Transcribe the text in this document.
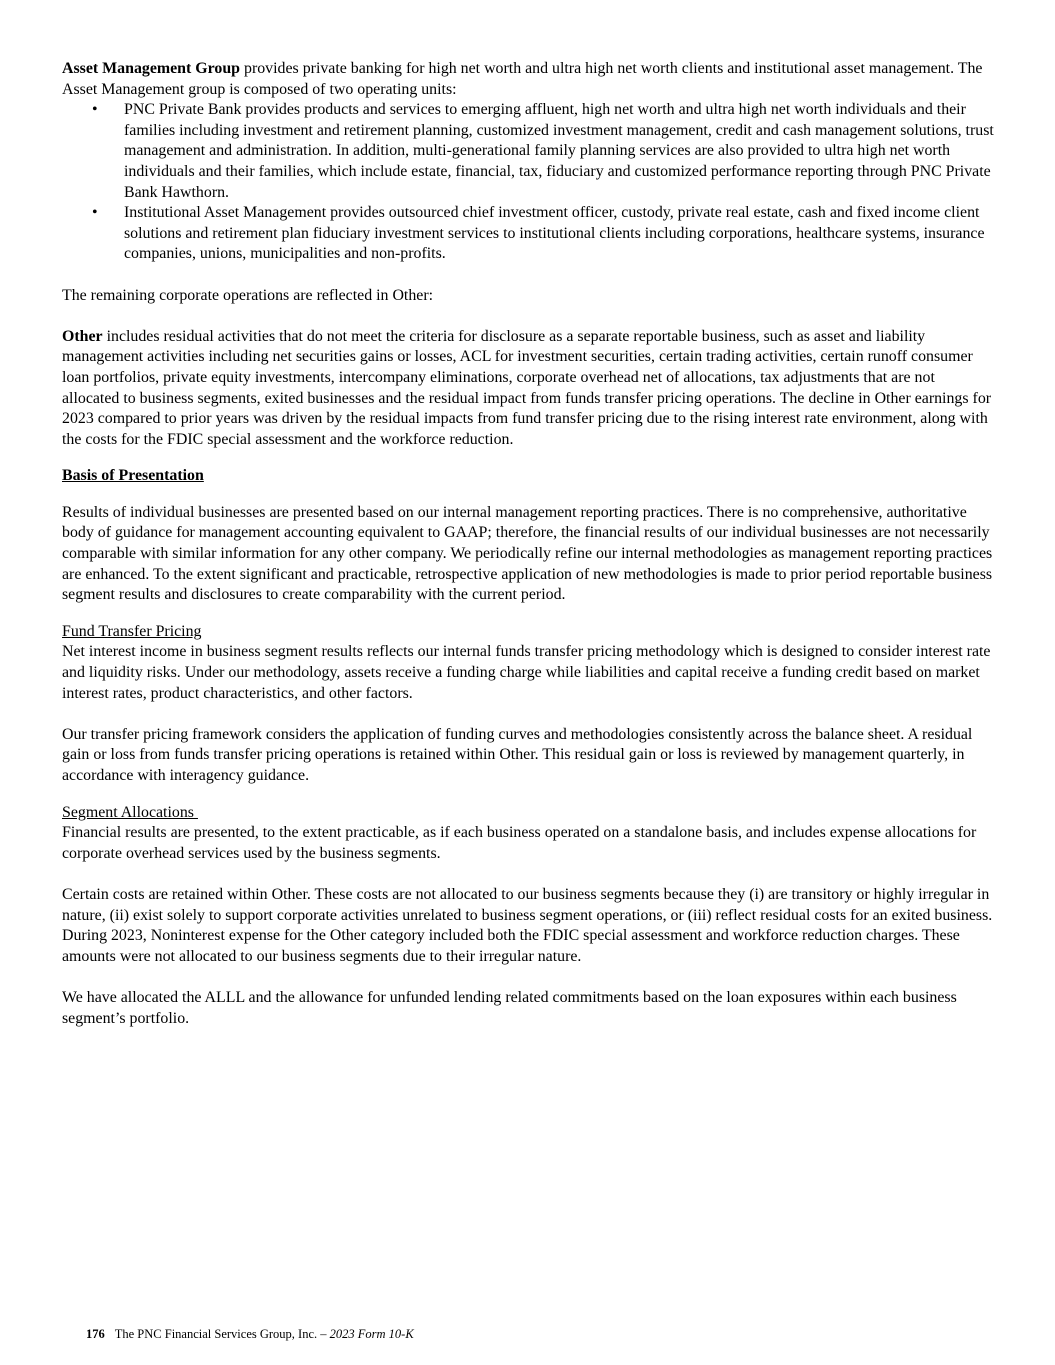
Asset Management Group provides private banking for high net worth and ultra high net worth clients and institutional asset management. The Asset Management group is composed of two operating units:

• PNC Private Bank provides products and services to emerging affluent, high net worth and ultra high net worth individuals and their families including investment and retirement planning, customized investment management, credit and cash management solutions, trust management and administration. In addition, multi-generational family planning services are also provided to ultra high net worth individuals and their families, which include estate, financial, tax, fiduciary and customized performance reporting through PNC Private Bank Hawthorn.
• Institutional Asset Management provides outsourced chief investment officer, custody, private real estate, cash and fixed income client solutions and retirement plan fiduciary investment services to institutional clients including corporations, healthcare systems, insurance companies, unions, municipalities and non-profits.

The remaining corporate operations are reflected in Other:

Other includes residual activities that do not meet the criteria for disclosure as a separate reportable business, such as asset and liability management activities including net securities gains or losses, ACL for investment securities, certain trading activities, certain runoff consumer loan portfolios, private equity investments, intercompany eliminations, corporate overhead net of allocations, tax adjustments that are not allocated to business segments, exited businesses and the residual impact from funds transfer pricing operations. The decline in Other earnings for 2023 compared to prior years was driven by the residual impacts from fund transfer pricing due to the rising interest rate environment, along with the costs for the FDIC special assessment and the workforce reduction.

Basis of Presentation

Results of individual businesses are presented based on our internal management reporting practices. There is no comprehensive, authoritative body of guidance for management accounting equivalent to GAAP; therefore, the financial results of our individual businesses are not necessarily comparable with similar information for any other company. We periodically refine our internal methodologies as management reporting practices are enhanced. To the extent significant and practicable, retrospective application of new methodologies is made to prior period reportable business segment results and disclosures to create comparability with the current period.

Fund Transfer Pricing

Net interest income in business segment results reflects our internal funds transfer pricing methodology which is designed to consider interest rate and liquidity risks. Under our methodology, assets receive a funding charge while liabilities and capital receive a funding credit based on market interest rates, product characteristics, and other factors.

Our transfer pricing framework considers the application of funding curves and methodologies consistently across the balance sheet. A residual gain or loss from funds transfer pricing operations is retained within Other. This residual gain or loss is reviewed by management quarterly, in accordance with interagency guidance.

Segment Allocations

Financial results are presented, to the extent practicable, as if each business operated on a standalone basis, and includes expense allocations for corporate overhead services used by the business segments.

Certain costs are retained within Other. These costs are not allocated to our business segments because they (i) are transitory or highly irregular in nature, (ii) exist solely to support corporate activities unrelated to business segment operations, or (iii) reflect residual costs for an exited business. During 2023, Noninterest expense for the Other category included both the FDIC special assessment and workforce reduction charges. These amounts were not allocated to our business segments due to their irregular nature.

We have allocated the ALLL and the allowance for unfunded lending related commitments based on the loan exposures within each business segment’s portfolio.

176 The PNC Financial Services Group, Inc. – 2023 Form 10-K
